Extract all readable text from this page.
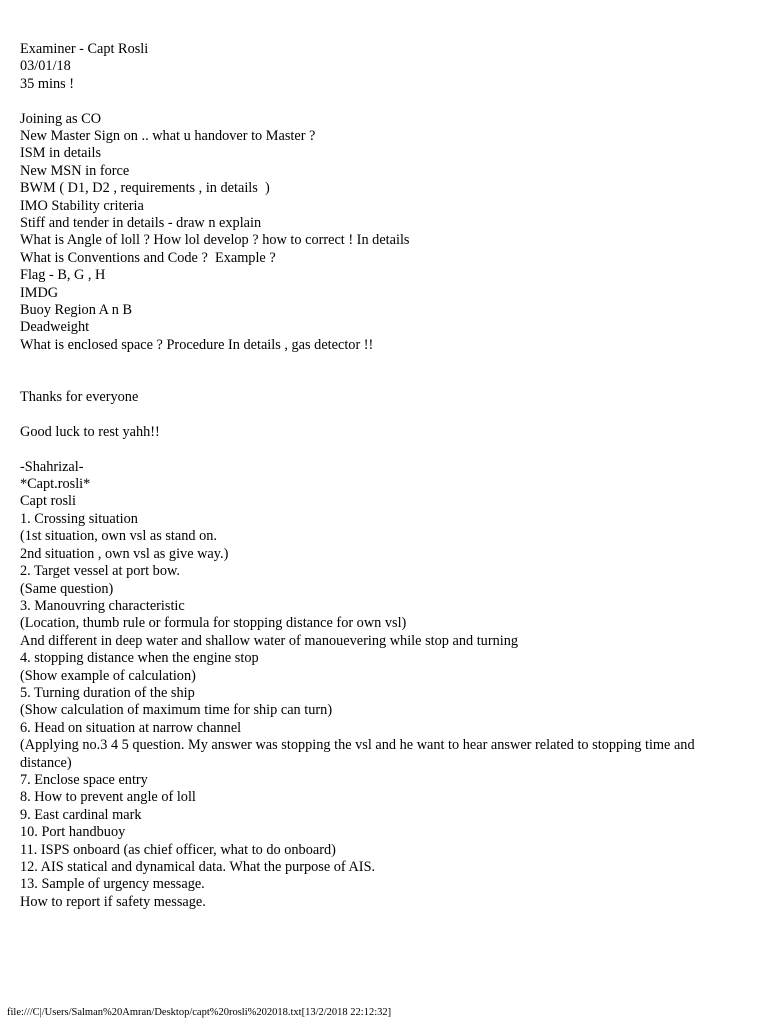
Examiner - Capt Rosli
03/01/18
35 mins !
Joining as CO
New Master Sign on .. what u handover to Master ?
ISM in details
New MSN in force
BWM ( D1, D2 , requirements , in details  )
IMO Stability criteria
Stiff and tender in details - draw n explain
What is Angle of loll ? How lol develop ? how to correct ! In details
What is Conventions and Code ?  Example ?
Flag - B, G , H
IMDG
Buoy Region A n B
Deadweight
What is enclosed space ? Procedure In details , gas detector !!
Thanks for everyone
Good luck to rest yahh!!
-Shahrizal-
*Capt.rosli*
Capt rosli
1. Crossing situation
(1st situation, own vsl as stand on.
2nd situation , own vsl as give way.)
2. Target vessel at port bow.
(Same question)
3. Manouvring characteristic
(Location, thumb rule or formula for stopping distance for own vsl)
And different in deep water and shallow water of manouevering while stop and turning
4. stopping distance when the engine stop
(Show example of calculation)
5. Turning duration of the ship
(Show calculation of maximum time for ship can turn)
6. Head on situation at narrow channel
(Applying no.3 4 5 question. My answer was stopping the vsl and he want to hear answer related to stopping time and distance)
7. Enclose space entry
8. How to prevent angle of loll
9. East cardinal mark
10. Port handbuoy
11. ISPS onboard (as chief officer, what to do onboard)
12. AIS statical and dynamical data. What the purpose of AIS.
13. Sample of urgency message.
How to report if safety message.
file:///C|/Users/Salman%20Amran/Desktop/capt%20rosli%202018.txt[13/2/2018 22:12:32]
